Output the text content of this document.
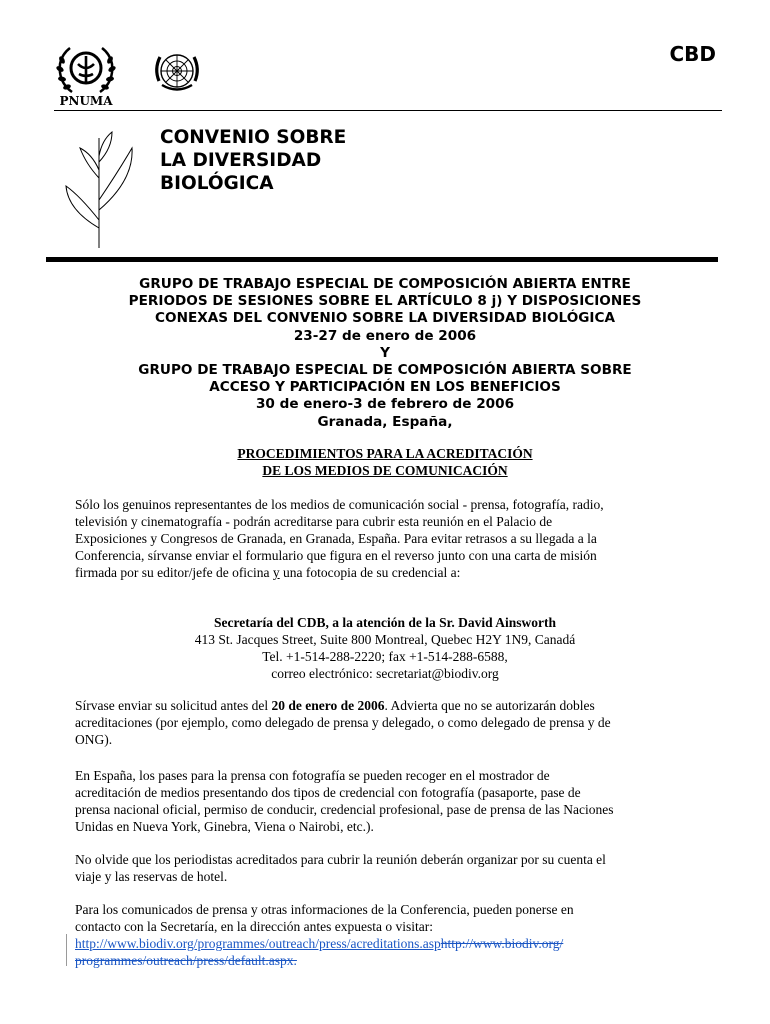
PNUMA
CBD
CONVENIO SOBRE
LA DIVERSIDAD
BIOLÓGICA
GRUPO DE TRABAJO ESPECIAL DE COMPOSICIÓN ABIERTA ENTRE
PERIODOS DE SESIONES SOBRE EL ARTÍCULO 8 j) Y DISPOSICIONES
CONEXAS DEL CONVENIO SOBRE LA DIVERSIDAD BIOLÓGICA
23-27 de enero de 2006
Y
GRUPO DE TRABAJO ESPECIAL DE COMPOSICIÓN ABIERTA SOBRE
ACCESO Y PARTICIPACIÓN EN LOS BENEFICIOS
30 de enero-3 de febrero de 2006
Granada, España,
PROCEDIMIENTOS PARA LA ACREDITACIÓN
DE LOS MEDIOS DE COMUNICACIÓN
Sólo los genuinos representantes de los medios de comunicación social - prensa, fotografía, radio,
televisión y cinematografía - podrán acreditarse para cubrir esta reunión en el Palacio de
Exposiciones y Congresos de Granada, en Granada, España. Para evitar retrasos a su llegada a la
Conferencia, sírvanse enviar el formulario que figura en el reverso junto con una carta de misión
firmada por su editor/jefe de oficina y una fotocopia de su credencial a:
Secretaría del CDB, a la atención de la Sr. David Ainsworth
413 St. Jacques Street, Suite 800 Montreal, Quebec H2Y 1N9, Canadá
Tel. +1-514-288-2220; fax +1-514-288-6588,
correo electrónico: secretariat@biodiv.org
Sírvase enviar su solicitud antes del 20 de enero de 2006. Advierta que no se autorizarán dobles
acreditaciones (por ejemplo, como delegado de prensa y delegado, o como delegado de prensa y de
ONG).
En España, los pases para la prensa con fotografía se pueden recoger en el mostrador de
acreditación de medios presentando dos tipos de credencial con fotografía (pasaporte, pase de
prensa nacional oficial, permiso de conducir, credencial profesional, pase de prensa de las Naciones
Unidas en Nueva York, Ginebra, Viena o Nairobi, etc.).
No olvide que los periodistas acreditados para cubrir la reunión deberán organizar por su cuenta el
viaje y las reservas de hotel.
Para los comunicados de prensa y otras informaciones de la Conferencia, pueden ponerse en
contacto con la Secretaría, en la dirección antes expuesta o visitar:
http://www.biodiv.org/programmes/outreach/press/acreditations.asphttp://www.biodiv.org/
programmes/outreach/press/default.aspx.
